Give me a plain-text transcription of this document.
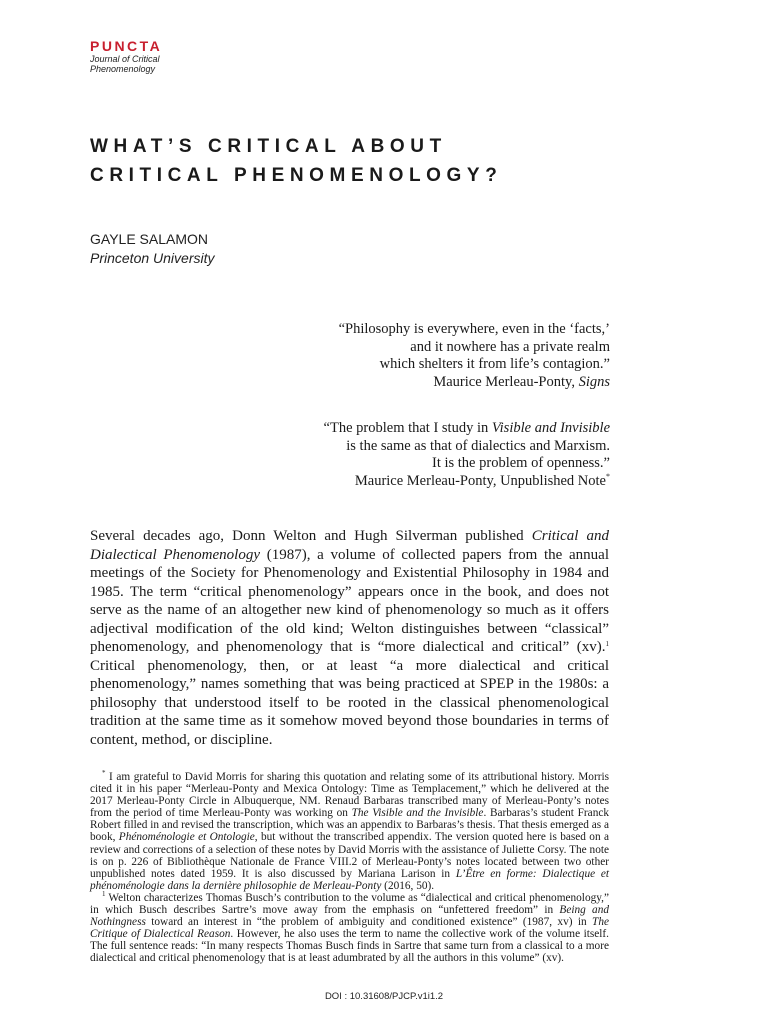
PUNCTA
Journal of Critical
Phenomenology
WHAT’S CRITICAL ABOUT
CRITICAL PHENOMENOLOGY?
GAYLE SALAMON
Princeton University
“Philosophy is everywhere, even in the ‘facts,’
and it nowhere has a private realm
which shelters it from life’s contagion.”
Maurice Merleau-Ponty, Signs
“The problem that I study in Visible and Invisible
is the same as that of dialectics and Marxism.
It is the problem of openness.”
Maurice Merleau-Ponty, Unpublished Note*
Several decades ago, Donn Welton and Hugh Silverman published Critical and Dialectical Phenomenology (1987), a volume of collected papers from the annual meetings of the Society for Phenomenology and Existential Philosophy in 1984 and 1985. The term “critical phenomenology” appears once in the book, and does not serve as the name of an altogether new kind of phenomenology so much as it offers adjectival modification of the old kind; Welton distinguishes between “classical” phenomenology, and phenomenology that is “more dialectical and critical” (xv).$^1$ Critical phenomenology, then, or at least “a more dialectical and critical phenomenology,” names something that was being practiced at SPEP in the 1980s: a philosophy that understood itself to be rooted in the classical phenomenological tradition at the same time as it somehow moved beyond those boundaries in terms of content, method, or discipline.

* I am grateful to David Morris for sharing this quotation and relating some of its attributional history. Morris cited it in his paper “Merleau-Ponty and Mexica Ontology: Time as Templacement,” which he delivered at the 2017 Merleau-Ponty Circle in Albuquerque, NM. Renaud Barbaras transcribed many of Merleau-Ponty’s notes from the period of time Merleau-Ponty was working on The Visible and the Invisible. Barbaras’s student Franck Robert filled in and revised the transcription, which was an appendix to Barbaras’s thesis. That thesis emerged as a book, Phénoménologie et Ontologie, but without the transcribed appendix. The version quoted here is based on a review and corrections of a selection of these notes by David Morris with the assistance of Juliette Corsy. The note is on p. 226 of Bibliothèque Nationale de France VIII.2 of Merleau-Ponty’s notes located between two other unpublished notes dated 1959. It is also discussed by Mariana Larison in L’Être en forme: Dialectique et phénoménologie dans la dernière philosophie de Merleau-Ponty (2016, 50).

$^1$ Welton characterizes Thomas Busch’s contribution to the volume as “dialectical and critical phenomenology,” in which Busch describes Sartre’s move away from the emphasis on “unfettered freedom” in Being and Nothingness toward an interest in “the problem of ambiguity and conditioned existence” (1987, xv) in The Critique of Dialectical Reason. However, he also uses the term to name the collective work of the volume itself. The full sentence reads: “In many respects Thomas Busch finds in Sartre that same turn from a classical to a more dialectical and critical phenomenology that is at least adumbrated by all the authors in this volume” (xv).

DOI : 10.31608/PJCP.v1i1.2
